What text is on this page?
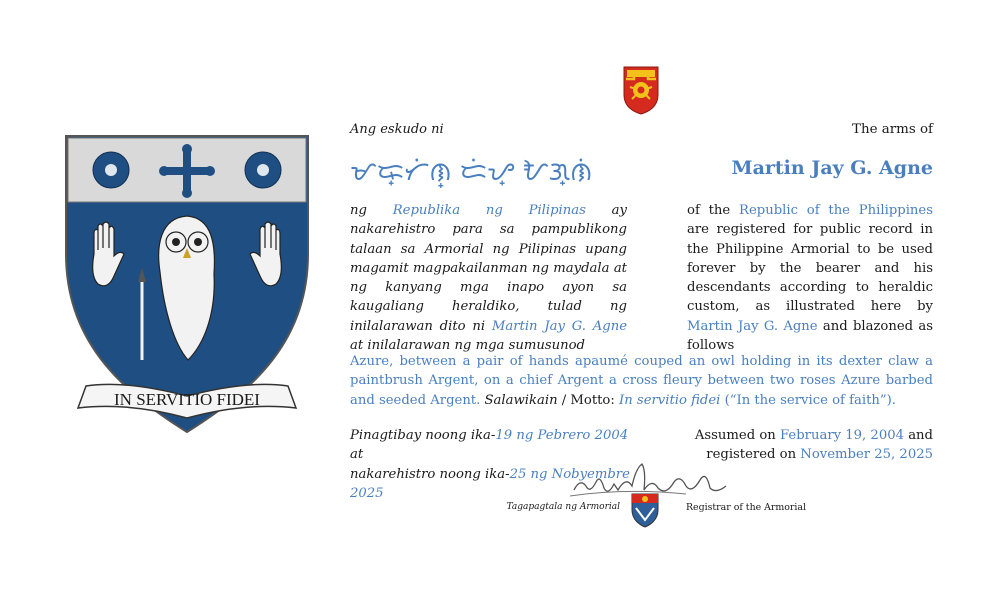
IN SERVITIO FIDEI
Ang eskudo ni	The arms of
ᜋᜍ᜔ᜆᜒᜈ᜔ ᜇᜒᜌ᜔ ᜀᜄ᜔ᜈᜒ	Martin Jay G. Agne
ng Republika ng Pilipinas ay nakarehistro para sa pampublikong talaan sa Armorial ng Pilipinas upang magamit magpakailanman ng maydala at ng kanyang mga inapo ayon sa kaugaliang heraldiko, tulad ng inilalarawan dito ni Martin Jay G. Agne at inilalarawan ng mga sumusunod
of the Republic of the Philippines are registered for public record in the Philippine Armorial to be used forever by the bearer and his descendants according to heraldic custom, as illustrated here by Martin Jay G. Agne and blazoned as follows
Azure, between a pair of hands apaumé couped an owl holding in its dexter claw a paintbrush Argent, on a chief Argent a cross fleury between two roses Azure barbed and seeded Argent. Salawikain / Motto: In servitio fidei (“In the service of faith”).
Pinagtibay noong ika-19 ng Pebrero 2004 at
nakarehistro noong ika-25 ng Nobyembre 2025
Assumed on February 19, 2004 and
registered on November 25, 2025
Tagapagtala ng Armorial	Registrar of the Armorial
